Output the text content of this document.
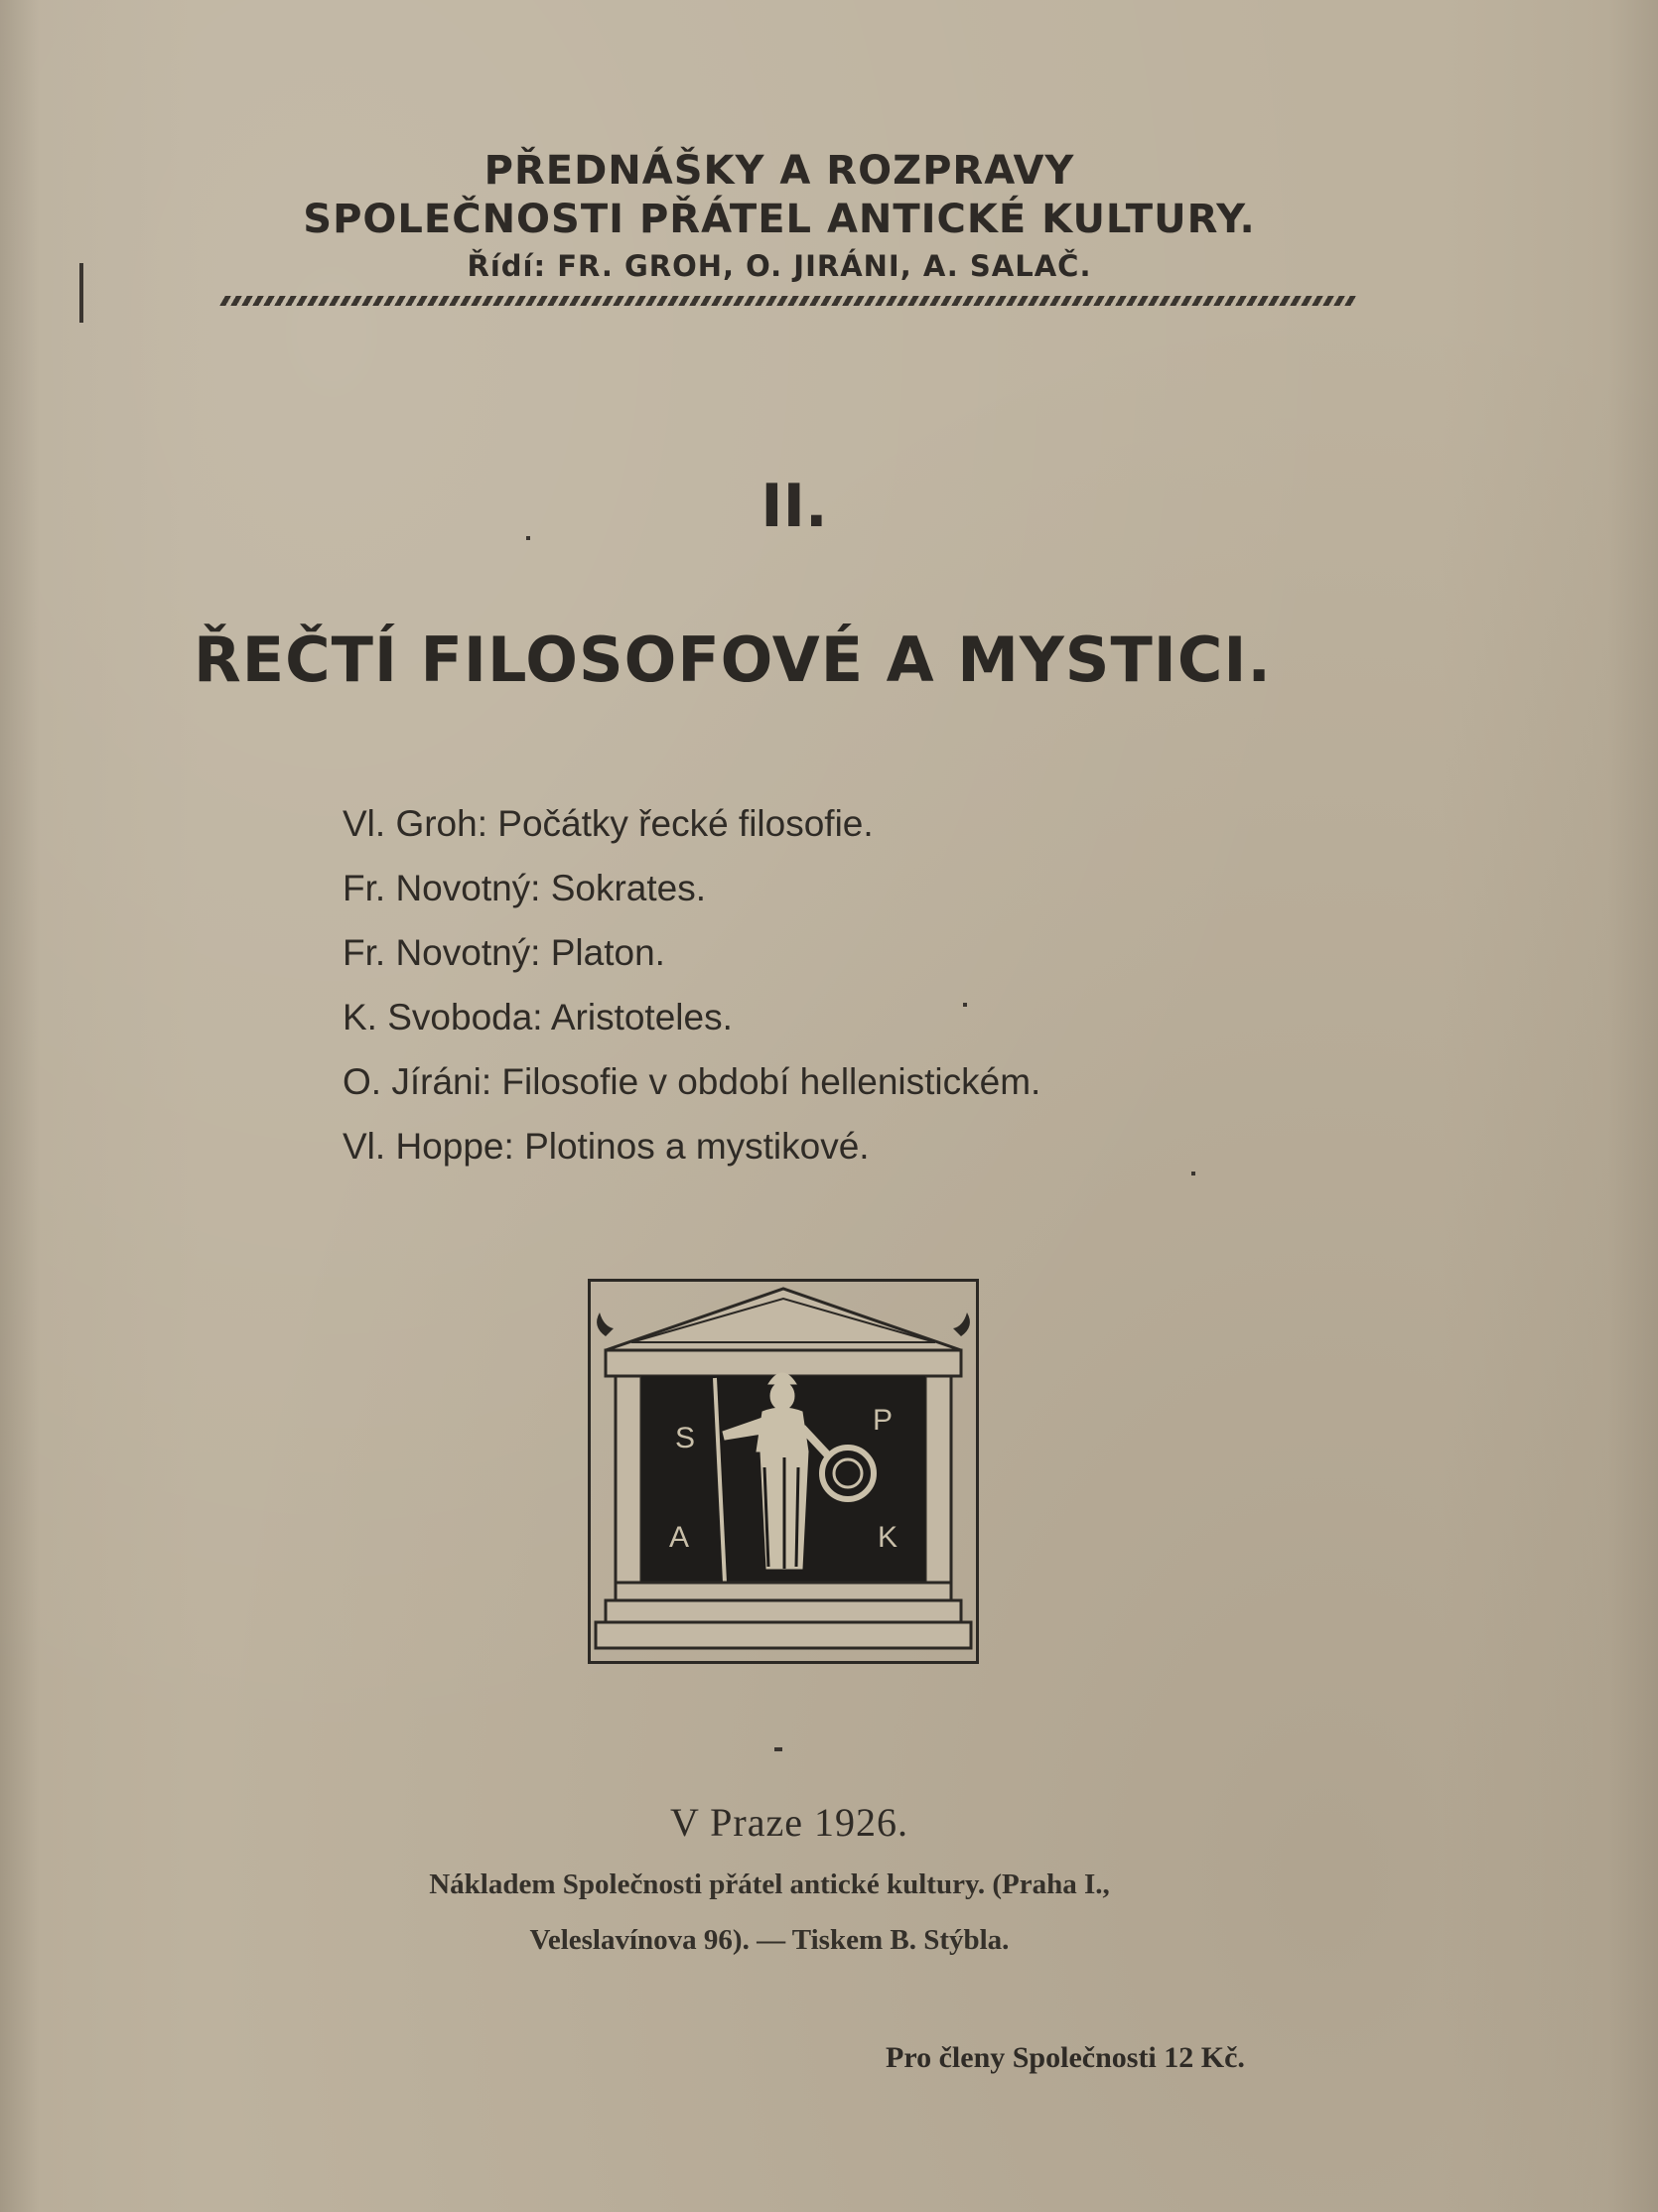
PŘEDNÁŠKY A ROZPRAVY
SPOLEČNOSTI PŘÁTEL ANTICKÉ KULTURY.
Řídí: FR. GROH, O. JIRÁNI, A. SALAČ.
II.
ŘEČTÍ FILOSOFOVÉ A MYSTICI.
Vl. Groh: Počátky řecké filosofie.
Fr. Novotný: Sokrates.
Fr. Novotný: Platon.
K. Svoboda: Aristoteles.
O. Jíráni: Filosofie v období hellenistickém.
Vl. Hoppe: Plotinos a mystikové.
S
P
A	K
V Praze 1926.
Nákladem Společnosti přátel antické kultury. (Praha I.,
Veleslavínova 96). — Tiskem B. Stýbla.
Pro členy Společnosti 12 Kč.
